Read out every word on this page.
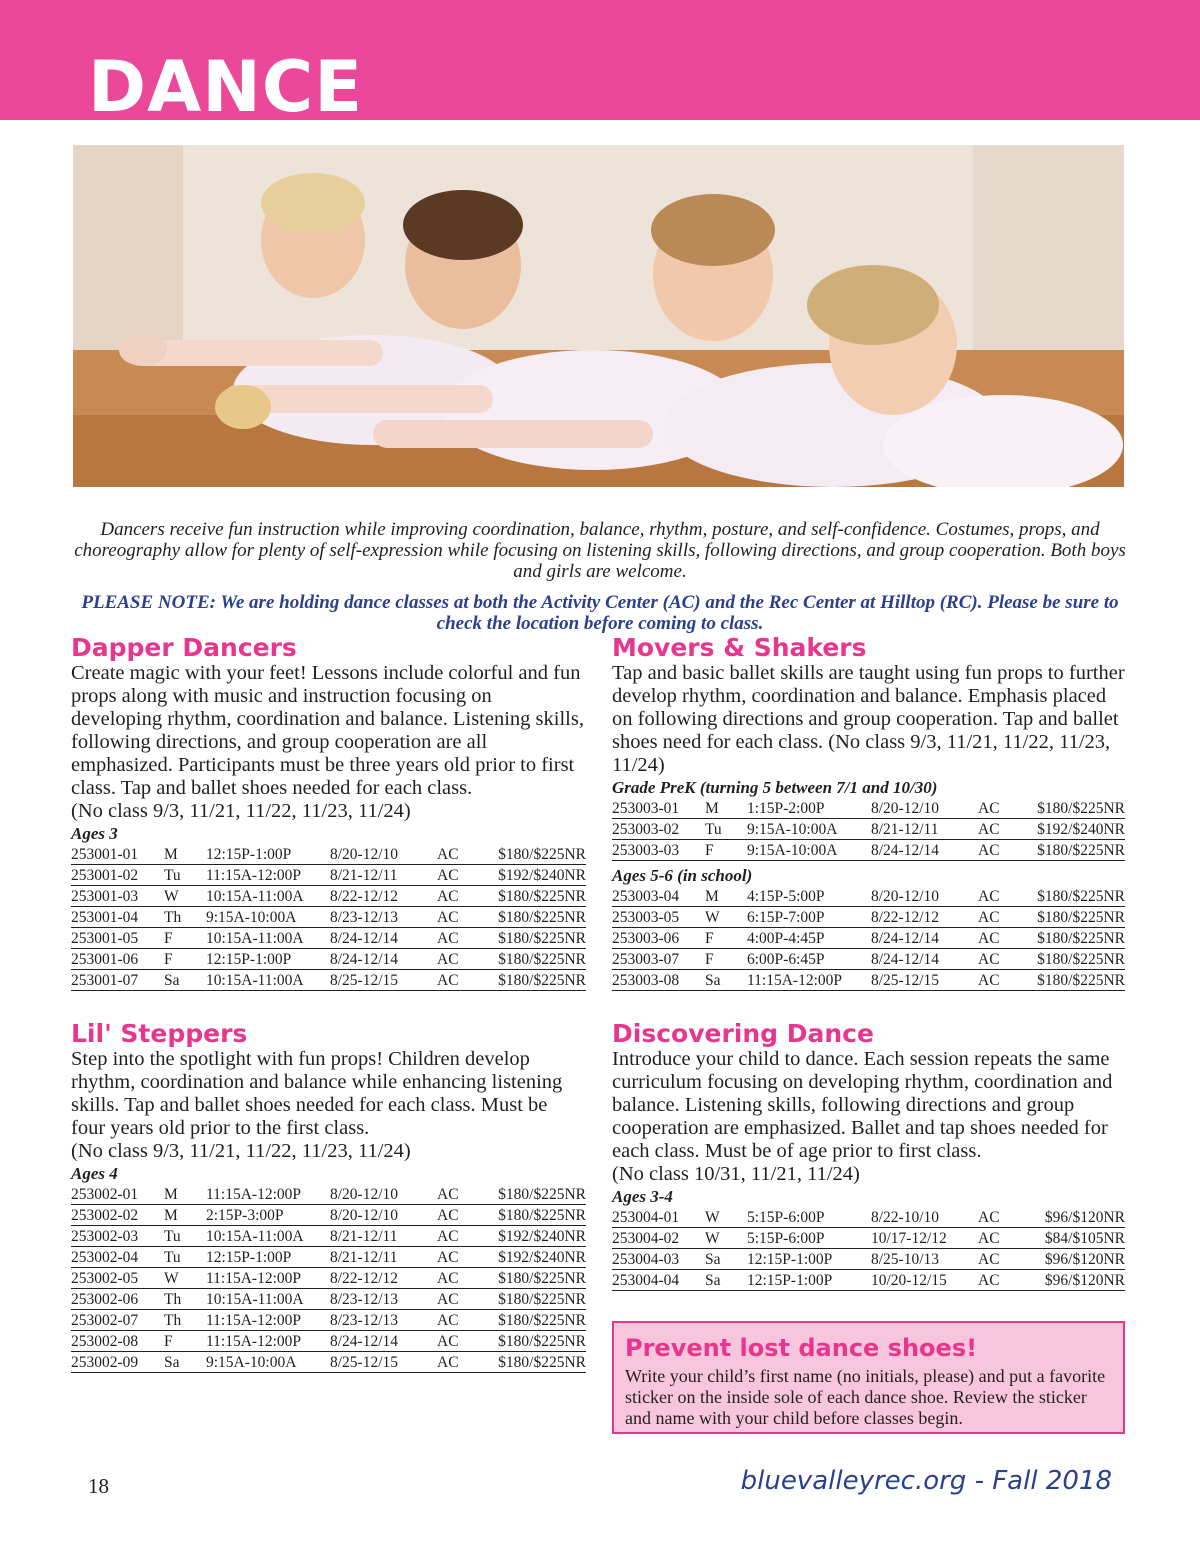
DANCE

Dancers receive fun instruction while improving coordination, balance, rhythm, posture, and self-confidence. Costumes, props, and choreography allow for plenty of self-expression while focusing on listening skills, following directions, and group cooperation. Both boys and girls are welcome.

PLEASE NOTE: We are holding dance classes at both the Activity Center (AC) and the Rec Center at Hilltop (RC). Please be sure to check the location before coming to class.

Dapper Dancers

Create magic with your feet! Lessons include colorful and fun props along with music and instruction focusing on developing rhythm, coordination and balance. Listening skills, following directions, and group cooperation are all emphasized. Participants must be three years old prior to first class. Tap and ballet shoes needed for each class.

(No class 9/3, 11/21, 11/22, 11/23, 11/24)

Ages 3

253001-01	M	12:15P-1:00P	8/20-12/10	AC	$180/$225NR
253001-02	Tu	11:15A-12:00P	8/21-12/11	AC	$192/$240NR
253001-03	W	10:15A-11:00A	8/22-12/12	AC	$180/$225NR
253001-04	Th	9:15A-10:00A	8/23-12/13	AC	$180/$225NR
253001-05	F	10:15A-11:00A	8/24-12/14	AC	$180/$225NR
253001-06	F	12:15P-1:00P	8/24-12/14	AC	$180/$225NR
253001-07	Sa	10:15A-11:00A	8/25-12/15	AC	$180/$225NR
Movers & Shakers

Tap and basic ballet skills are taught using fun props to further develop rhythm, coordination and balance. Emphasis placed on following directions and group cooperation. Tap and ballet shoes need for each class. (No class 9/3, 11/21, 11/22, 11/23, 11/24)

Grade PreK (turning 5 between 7/1 and 10/30)

253003-01	M	1:15P-2:00P	8/20-12/10	AC	$180/$225NR
253003-02	Tu	9:15A-10:00A	8/21-12/11	AC	$192/$240NR
253003-03	F	9:15A-10:00A	8/24-12/14	AC	$180/$225NR

Ages 5-6 (in school)

253003-04	M	4:15P-5:00P	8/20-12/10	AC	$180/$225NR
253003-05	W	6:15P-7:00P	8/22-12/12	AC	$180/$225NR
253003-06	F	4:00P-4:45P	8/24-12/14	AC	$180/$225NR
253003-07	F	6:00P-6:45P	8/24-12/14	AC	$180/$225NR
253003-08	Sa	11:15A-12:00P	8/25-12/15	AC	$180/$225NR
Lil' Steppers

Step into the spotlight with fun props! Children develop rhythm, coordination and balance while enhancing listening skills. Tap and ballet shoes needed for each class. Must be four years old prior to the first class.

(No class 9/3, 11/21, 11/22, 11/23, 11/24)

Ages 4

253002-01	M	11:15A-12:00P	8/20-12/10	AC	$180/$225NR
253002-02	M	2:15P-3:00P	8/20-12/10	AC	$180/$225NR
253002-03	Tu	10:15A-11:00A	8/21-12/11	AC	$192/$240NR
253002-04	Tu	12:15P-1:00P	8/21-12/11	AC	$192/$240NR
253002-05	W	11:15A-12:00P	8/22-12/12	AC	$180/$225NR
253002-06	Th	10:15A-11:00A	8/23-12/13	AC	$180/$225NR
253002-07	Th	11:15A-12:00P	8/23-12/13	AC	$180/$225NR
253002-08	F	11:15A-12:00P	8/24-12/14	AC	$180/$225NR
253002-09	Sa	9:15A-10:00A	8/25-12/15	AC	$180/$225NR
Discovering Dance

Introduce your child to dance. Each session repeats the same curriculum focusing on developing rhythm, coordination and balance. Listening skills, following directions and group cooperation are emphasized. Ballet and tap shoes needed for each class. Must be of age prior to first class.

(No class 10/31, 11/21, 11/24)

Ages 3-4

253004-01	W	5:15P-6:00P	8/22-10/10	AC	$96/$120NR
253004-02	W	5:15P-6:00P	10/17-12/12	AC	$84/$105NR
253004-03	Sa	12:15P-1:00P	8/25-10/13	AC	$96/$120NR
253004-04	Sa	12:15P-1:00P	10/20-12/15	AC	$96/$120NR
Prevent lost dance shoes!

Write your child’s first name (no initials, please) and put a favorite sticker on the inside sole of each dance shoe. Review the sticker and name with your child before classes begin.

18	bluevalleyrec.org - Fall 2018
